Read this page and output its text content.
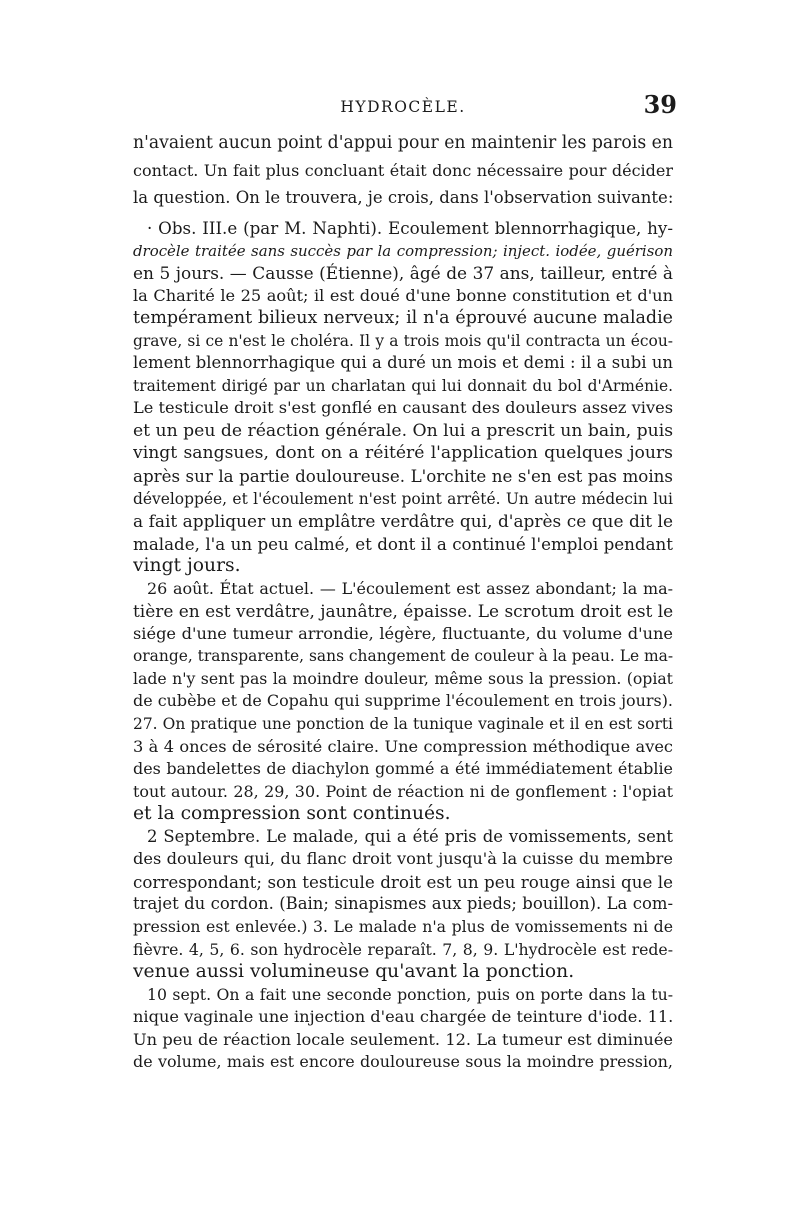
HYDROCÈLE.	39
n'avaient aucun point d'appui pour en maintenir les parois en
contact. Un fait plus concluant était donc nécessaire pour décider
la question. On le trouvera, je crois, dans l'observation suivante:
· Obs. III.e (par M. Naphti). Ecoulement blennorrhagique, hy-
drocèle traitée sans succès par la compression; inject. iodée, guérison
en 5 jours. — Causse (Étienne), âgé de 37 ans, tailleur, entré à
la Charité le 25 août; il est doué d'une bonne constitution et d'un
tempérament bilieux nerveux; il n'a éprouvé aucune maladie
grave, si ce n'est le choléra. Il y a trois mois qu'il contracta un écou-
lement blennorrhagique qui a duré un mois et demi : il a subi un
traitement dirigé par un charlatan qui lui donnait du bol d'Arménie.
Le testicule droit s'est gonflé en causant des douleurs assez vives
et un peu de réaction générale. On lui a prescrit un bain, puis
vingt sangsues, dont on a réitéré l'application quelques jours
après sur la partie douloureuse. L'orchite ne s'en est pas moins
développée, et l'écoulement n'est point arrêté. Un autre médecin lui
a fait appliquer un emplâtre verdâtre qui, d'après ce que dit le
malade, l'a un peu calmé, et dont il a continué l'emploi pendant
vingt jours.
26 août. État actuel. — L'écoulement est assez abondant; la ma-
tière en est verdâtre, jaunâtre, épaisse. Le scrotum droit est le
siége d'une tumeur arrondie, légère, fluctuante, du volume d'une
orange, transparente, sans changement de couleur à la peau. Le ma-
lade n'y sent pas la moindre douleur, même sous la pression. (opiat
de cubèbe et de Copahu qui supprime l'écoulement en trois jours).
27. On pratique une ponction de la tunique vaginale et il en est sorti
3 à 4 onces de sérosité claire. Une compression méthodique avec
des bandelettes de diachylon gommé a été immédiatement établie
tout autour. 28, 29, 30. Point de réaction ni de gonflement : l'opiat
et la compression sont continués.
2 Septembre. Le malade, qui a été pris de vomissements, sent
des douleurs qui, du flanc droit vont jusqu'à la cuisse du membre
correspondant; son testicule droit est un peu rouge ainsi que le
trajet du cordon. (Bain; sinapismes aux pieds; bouillon). La com-
pression est enlevée.) 3. Le malade n'a plus de vomissements ni de
fièvre. 4, 5, 6. son hydrocèle reparaît. 7, 8, 9. L'hydrocèle est rede-
venue aussi volumineuse qu'avant la ponction.
10 sept. On a fait une seconde ponction, puis on porte dans la tu-
nique vaginale une injection d'eau chargée de teinture d'iode. 11.
Un peu de réaction locale seulement. 12. La tumeur est diminuée
de volume, mais est encore douloureuse sous la moindre pression,
